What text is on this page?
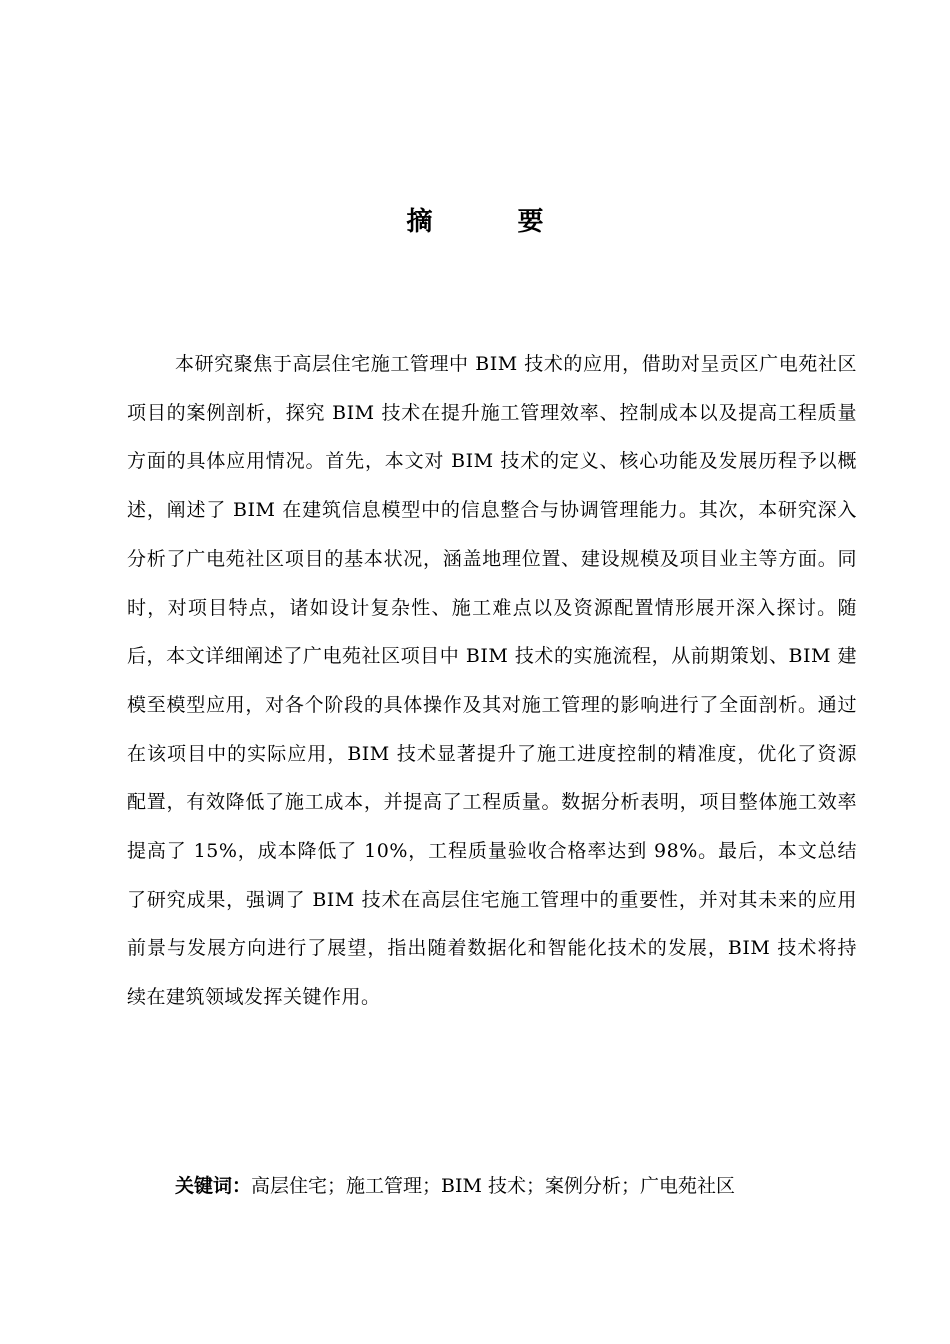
摘 要

本研究聚焦于高层住宅施工管理中 BIM 技术的应用，借助对呈贡区广电苑社区项目的案例剖析，探究 BIM 技术在提升施工管理效率、控制成本以及提高工程质量方面的具体应用情况。首先，本文对 BIM 技术的定义、核心功能及发展历程予以概述，阐述了 BIM 在建筑信息模型中的信息整合与协调管理能力。其次，本研究深入分析了广电苑社区项目的基本状况，涵盖地理位置、建设规模及项目业主等方面。同时，对项目特点，诸如设计复杂性、施工难点以及资源配置情形展开深入探讨。随后，本文详细阐述了广电苑社区项目中 BIM 技术的实施流程，从前期策划、BIM 建模至模型应用，对各个阶段的具体操作及其对施工管理的影响进行了全面剖析。通过在该项目中的实际应用，BIM 技术显著提升了施工进度控制的精准度，优化了资源配置，有效降低了施工成本，并提高了工程质量。数据分析表明，项目整体施工效率提高了 15%，成本降低了 10%，工程质量验收合格率达到 98%。最后，本文总结了研究成果，强调了 BIM 技术在高层住宅施工管理中的重要性，并对其未来的应用前景与发展方向进行了展望，指出随着数据化和智能化技术的发展，BIM 技术将持续在建筑领域发挥关键作用。

关键词：高层住宅；施工管理；BIM 技术；案例分析；广电苑社区
